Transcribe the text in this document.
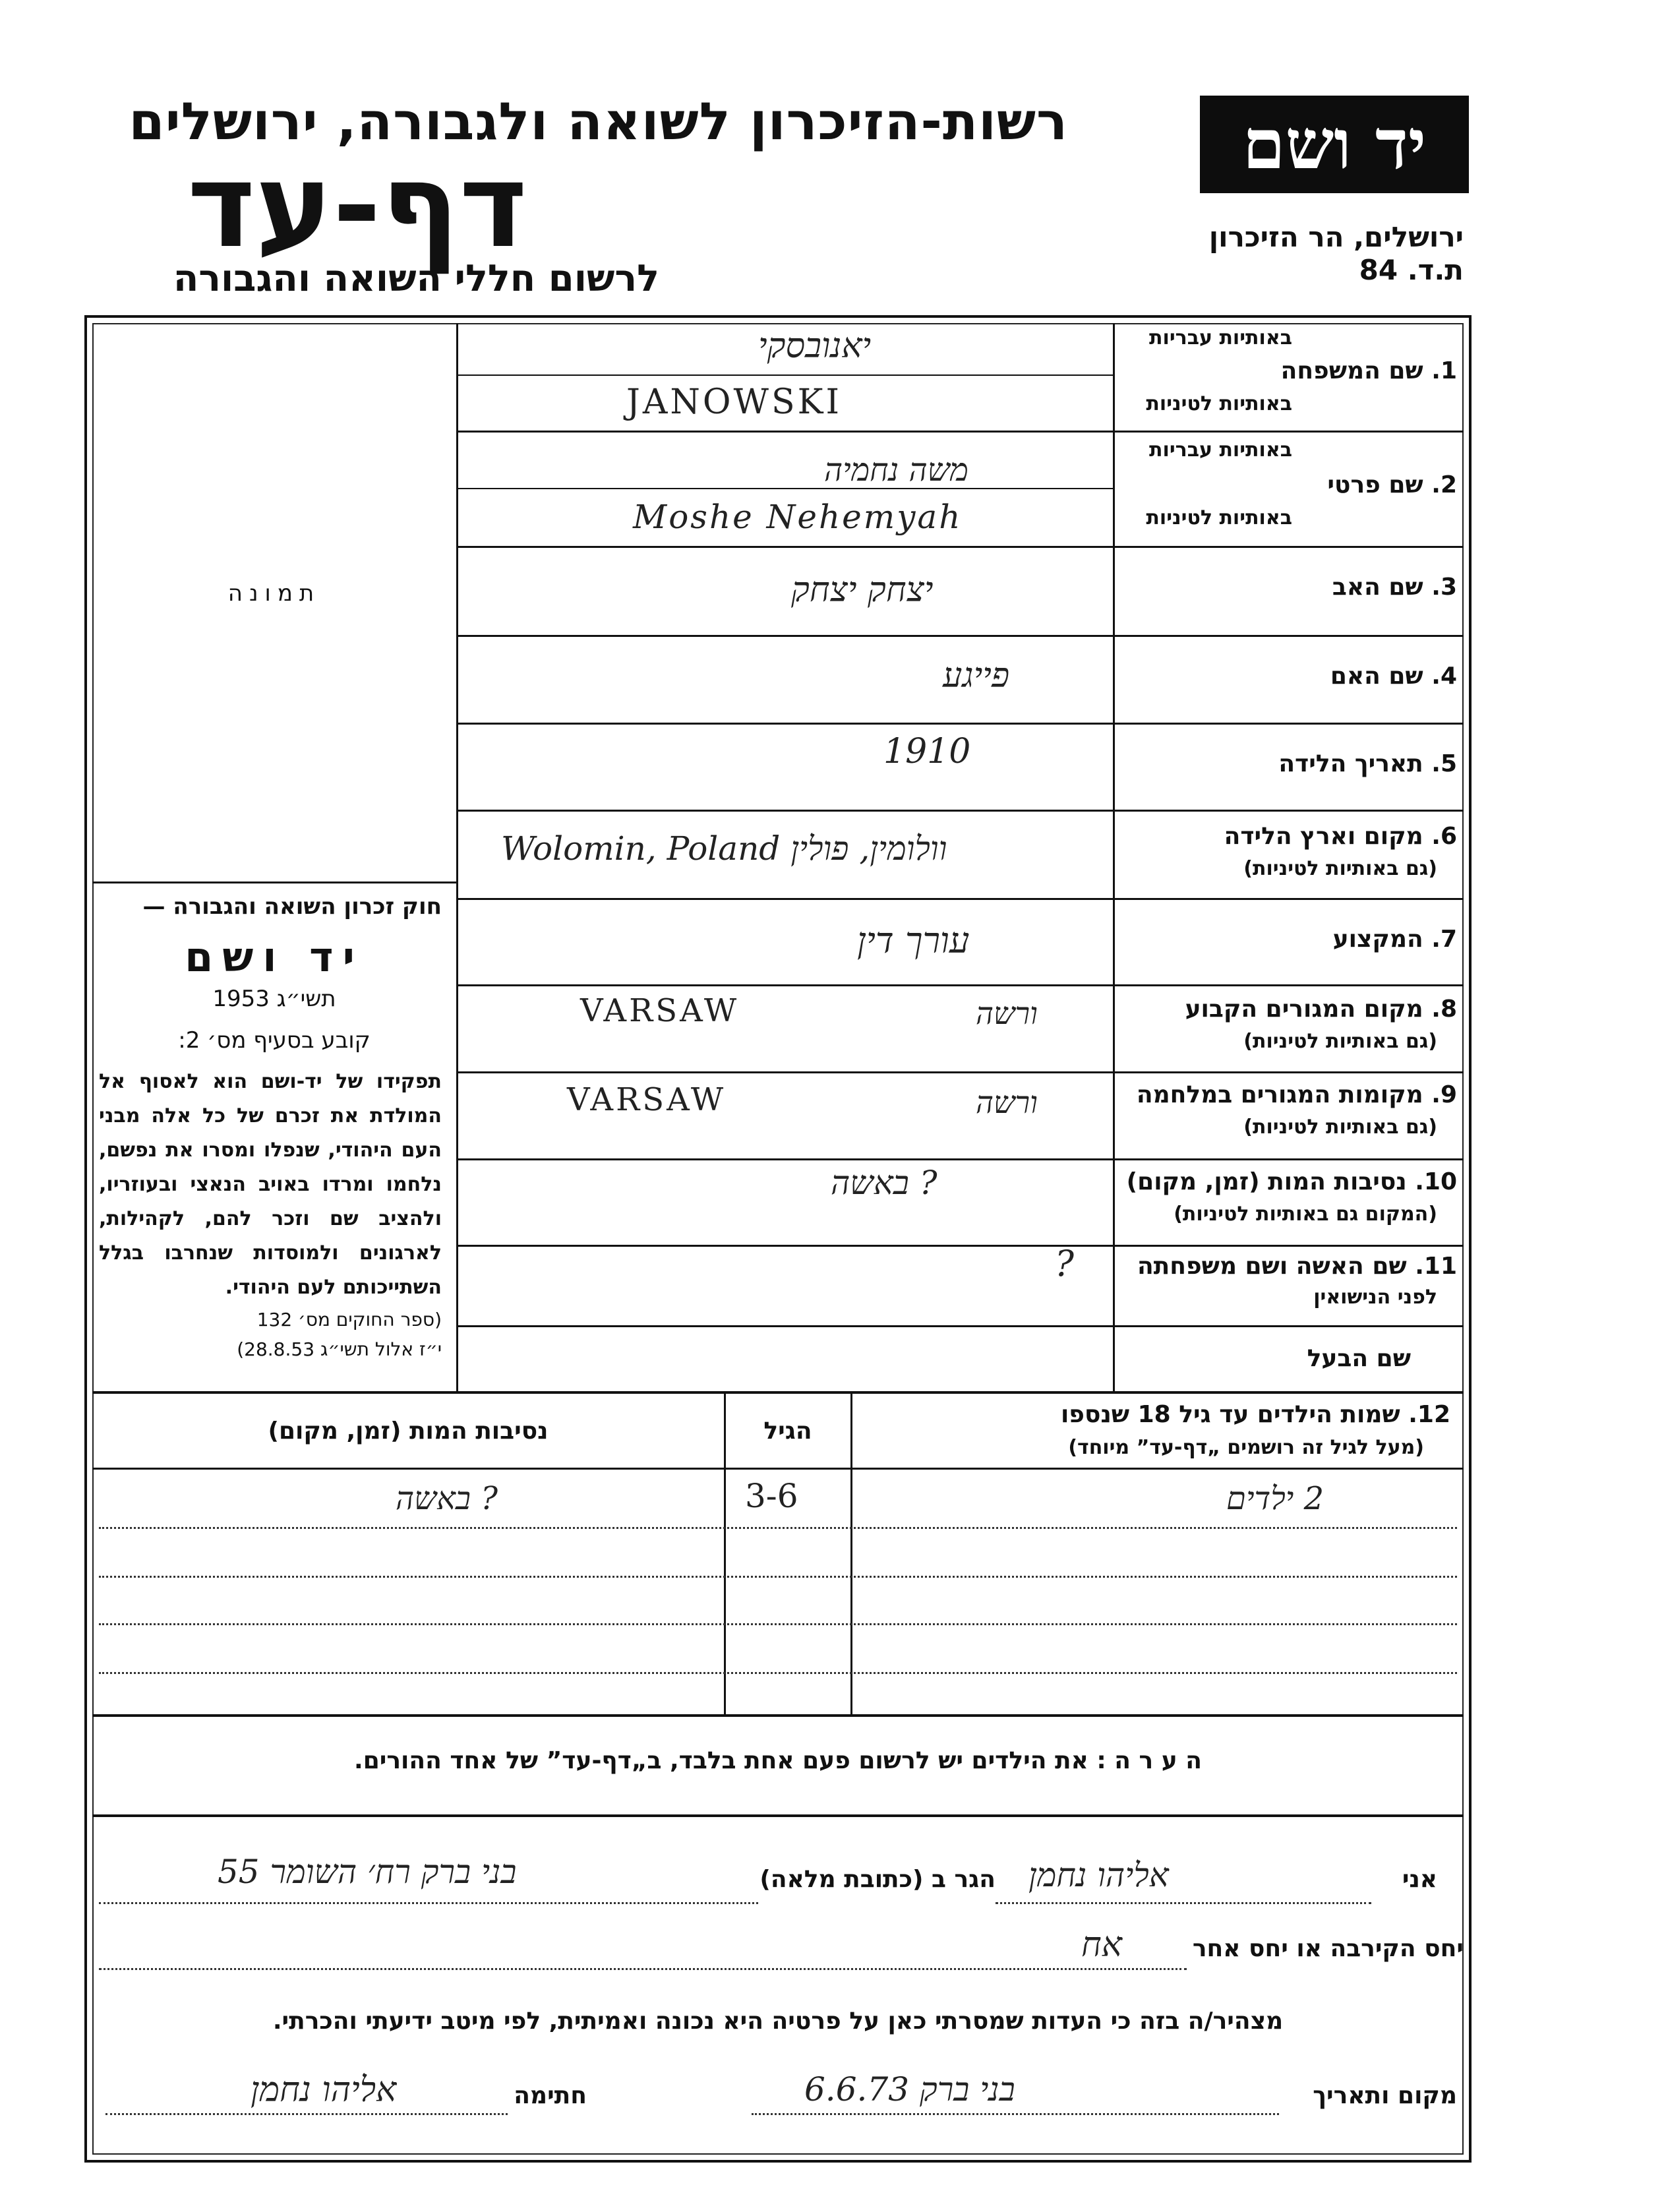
רשות-הזיכרון לשואה ולגבורה, ירושלים
דף-עד
לרשום חללי השואה והגבורה
יד ושם
ירושלים, הר הזיכרון
ת.ד. 84
באותיות עבריות
1. שם המשפחה
באותיות לטיניות
באותיות עבריות
2. שם פרטי
באותיות לטיניות
3. שם האב
4. שם האם
5. תאריך הלידה
6. מקום וארץ הלידה
(גם באותיות לטיניות)
7. המקצוע
8. מקום המגורים הקבוע
(גם באותיות לטיניות)
9. מקומות המגורים במלחמה
(גם באותיות לטיניות)
10. נסיבות המות (זמן, מקום)
(המקום גם באותיות לטיניות)
11. שם האשה ושם משפחתה
לפני הנישואין
שם הבעל
תמונה
חוק זכרון השואה והגבורה —
יד ושם
תשי״ג 1953
קובע בסעיף מס׳ 2:
תפקידו של יד-ושם הוא לאסוף אל המולדת את זכרם של כל אלה מבני העם היהודי, שנפלו ומסרו את נפשם, נלחמו ומרדו באויב הנאצי ובעוזריו, ולהציב שם וזכר להם, לקהילות, לארגונים ולמוסדות שנחרבו בגלל השתייכותם לעם היהודי.
(ספר החוקים מס׳ 132
י״ז אלול תשי״ג 28.8.53)
יאנובסקי
JANOWSKI
משה נחמיה
Moshe Nehemyah
יצחק יצחק
פייגע
1910
Wolomin, Poland וולומין, פולין
עורך דין
VARSAW	ורשה
VARSAW	ורשה
? באשה
?
12. שמות הילדים עד גיל 18 שנספו
(מעל לגיל זה רושמים „דף-עד” מיוחד)
הגיל
נסיבות המות (זמן, מקום)
2 ילדים
3-6
? באשה
ה ע ר ה : את הילדים יש לרשום פעם אחת בלבד, ב„דף-עד” של אחד ההורים.
אני
אליהו נחמן
הגר ב (כתובת מלאה)
בני ברק רח׳ השומר 55
יחס הקירבה או יחס אחר
אח
מצהיר/ה בזה כי העדות שמסרתי כאן על פרטיה היא נכונה ואמיתית, לפי מיטב ידיעתי והכרתי.
מקום ותאריך
6.6.73 בני ברק
חתימה
אליהו נחמן
